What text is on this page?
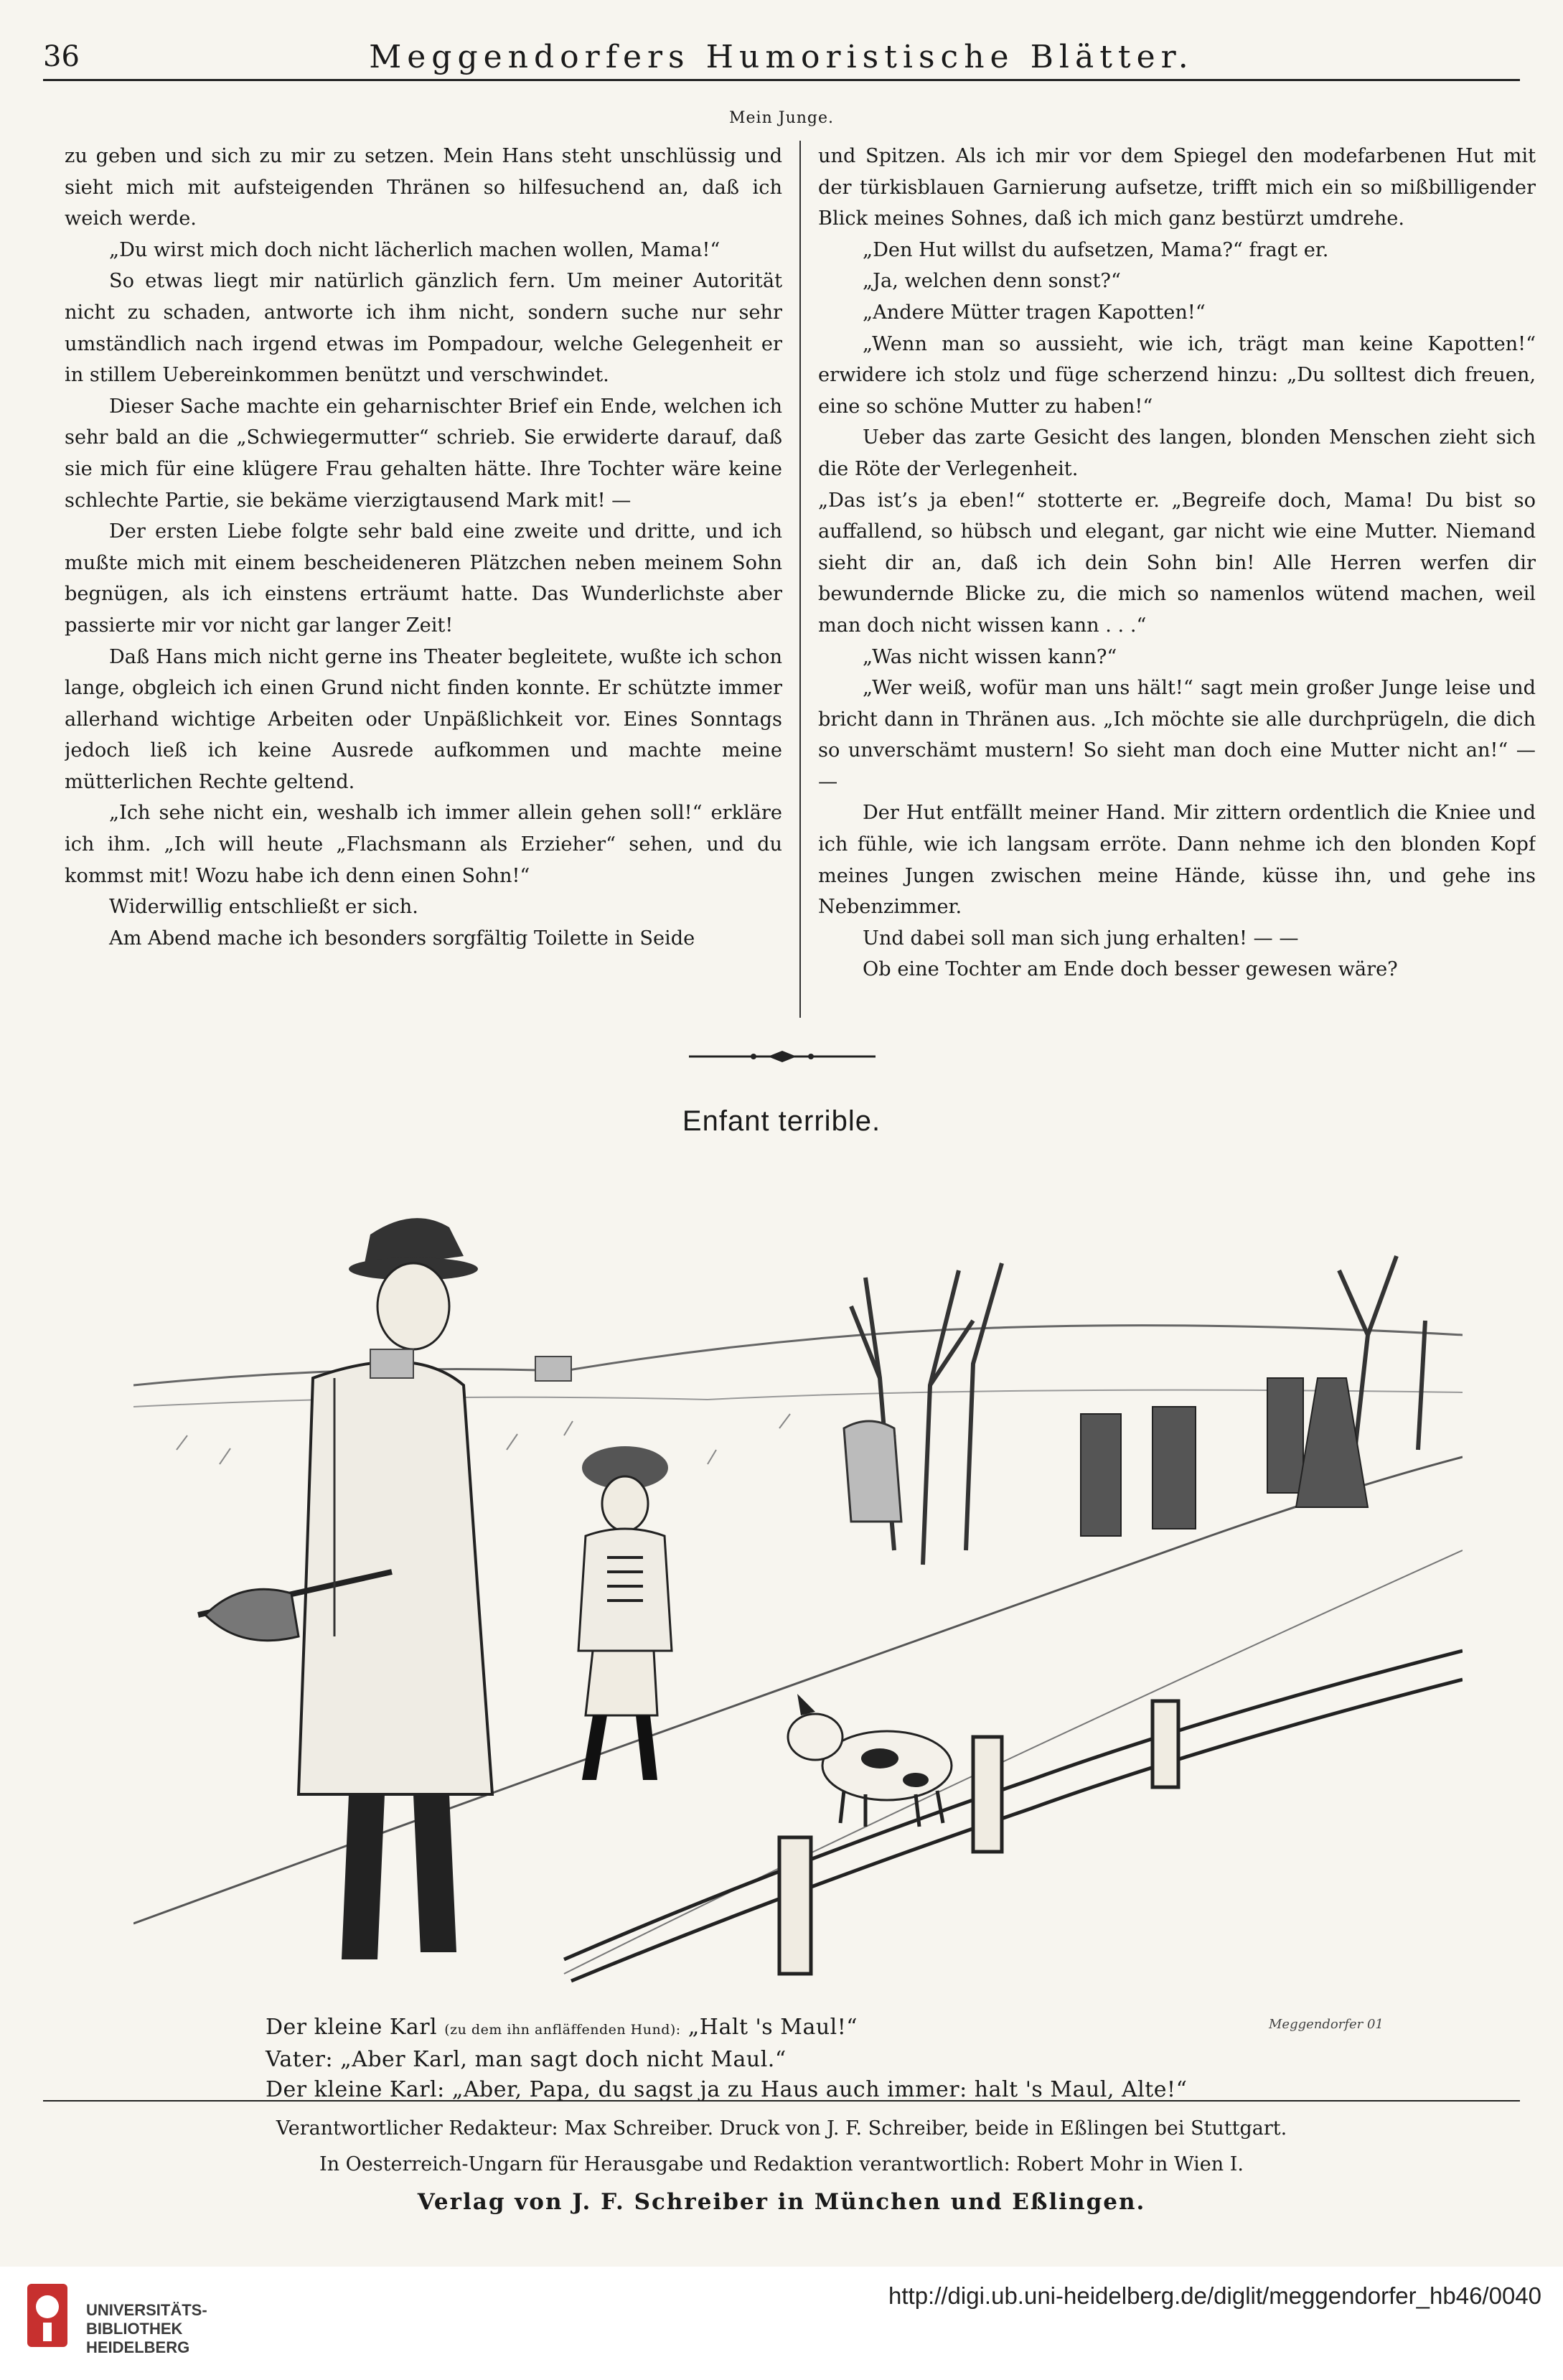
36	Meggendorfers Humoristische Blätter.
Mein Junge.

zu geben und sich zu mir zu setzen. Mein Hans steht unschlüssig und sieht mich mit aufsteigenden Thränen so hilfesuchend an, daß ich weich werde.

„Du wirst mich doch nicht lächerlich machen wollen, Mama!“

So etwas liegt mir natürlich gänzlich fern. Um meiner Autorität nicht zu schaden, antworte ich ihm nicht, sondern suche nur sehr umständlich nach irgend etwas im Pompadour, welche Gelegenheit er in stillem Uebereinkommen benützt und verschwindet.

Dieser Sache machte ein geharnischter Brief ein Ende, welchen ich sehr bald an die „Schwiegermutter“ schrieb. Sie erwiderte darauf, daß sie mich für eine klügere Frau gehalten hätte. Ihre Tochter wäre keine schlechte Partie, sie bekäme vierzigtausend Mark mit! —

Der ersten Liebe folgte sehr bald eine zweite und dritte, und ich mußte mich mit einem bescheideneren Plätzchen neben meinem Sohn begnügen, als ich einstens erträumt hatte. Das Wunderlichste aber passierte mir vor nicht gar langer Zeit!

Daß Hans mich nicht gerne ins Theater begleitete, wußte ich schon lange, obgleich ich einen Grund nicht finden konnte. Er schützte immer allerhand wichtige Arbeiten oder Unpäßlichkeit vor. Eines Sonntags jedoch ließ ich keine Ausrede aufkommen und machte meine mütterlichen Rechte geltend.

„Ich sehe nicht ein, weshalb ich immer allein gehen soll!“ erkläre ich ihm. „Ich will heute „Flachsmann als Erzieher“ sehen, und du kommst mit! Wozu habe ich denn einen Sohn!“

Widerwillig entschließt er sich.

Am Abend mache ich besonders sorgfältig Toilette in Seide

und Spitzen. Als ich mir vor dem Spiegel den modefarbenen Hut mit der türkisblauen Garnierung aufsetze, trifft mich ein so mißbilligender Blick meines Sohnes, daß ich mich ganz bestürzt umdrehe.

„Den Hut willst du aufsetzen, Mama?“ fragt er.

„Ja, welchen denn sonst?“

„Andere Mütter tragen Kapotten!“

„Wenn man so aussieht, wie ich, trägt man keine Kapotten!“ erwidere ich stolz und füge scherzend hinzu: „Du solltest dich freuen, eine so schöne Mutter zu haben!“

Ueber das zarte Gesicht des langen, blonden Menschen zieht sich die Röte der Verlegenheit.

„Das ist’s ja eben!“ stotterte er. „Begreife doch, Mama! Du bist so auffallend, so hübsch und elegant, gar nicht wie eine Mutter. Niemand sieht dir an, daß ich dein Sohn bin! Alle Herren werfen dir bewundernde Blicke zu, die mich so namenlos wütend machen, weil man doch nicht wissen kann . . .“

„Was nicht wissen kann?“

„Wer weiß, wofür man uns hält!“ sagt mein großer Junge leise und bricht dann in Thränen aus. „Ich möchte sie alle durchprügeln, die dich so unverschämt mustern! So sieht man doch eine Mutter nicht an!“ — —

Der Hut entfällt meiner Hand. Mir zittern ordentlich die Kniee und ich fühle, wie ich langsam erröte. Dann nehme ich den blonden Kopf meines Jungen zwischen meine Hände, küsse ihn, und gehe ins Nebenzimmer.

Und dabei soll man sich jung erhalten! — —

Ob eine Tochter am Ende doch besser gewesen wäre?

Enfant terrible.
Meggendorfer 01
Der kleine Karl (zu dem ihn anfläffenden Hund): „Halt 's Maul!“
Vater: „Aber Karl, man sagt doch nicht Maul.“
Der kleine Karl: „Aber, Papa, du sagst ja zu Haus auch immer: halt 's Maul, Alte!“
Verantwortlicher Redakteur: Max Schreiber. Druck von J. F. Schreiber, beide in Eßlingen bei Stuttgart.
In Oesterreich-Ungarn für Herausgabe und Redaktion verantwortlich: Robert Mohr in Wien I.
Verlag von J. F. Schreiber in München und Eßlingen.
UNIVERSITÄTS-
BIBLIOTHEK
HEIDELBERG
http://digi.ub.uni-heidelberg.de/diglit/meggendorfer_hb46/0040
